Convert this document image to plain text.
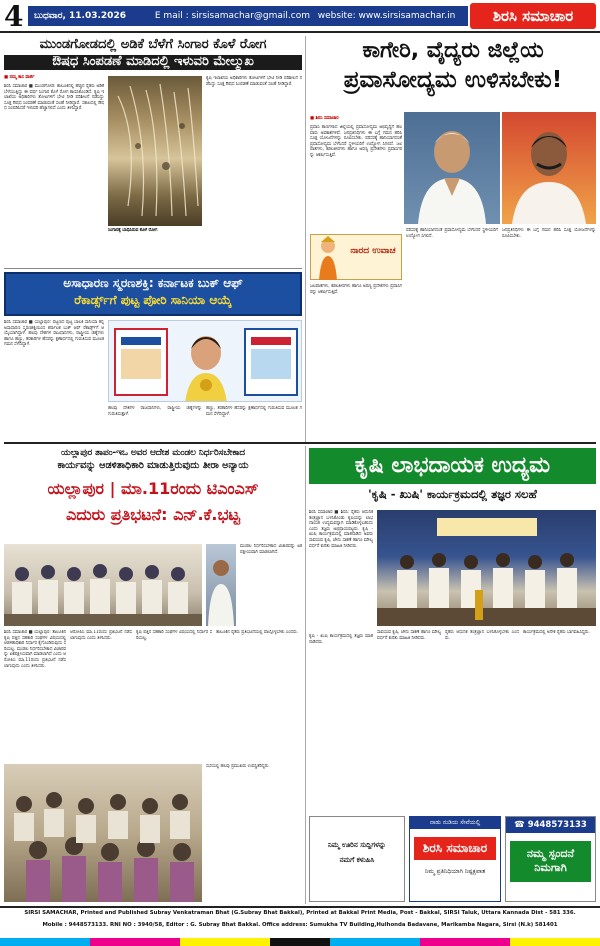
4	ಬುಧವಾರ, 11.03.2026	E mail : sirsisamachar@gmail.com website: www.sirsisamachar.in	ಶಿರಸಿ ಸಮಾಚಾರ
ಮುಂಡಗೋಡದಲ್ಲಿ ಅಡಿಕೆ ಬೆಳೆಗೆ ಸಿಂಗಾರ ಕೊಳೆ ರೋಗ
ಔಷಧ ಸಿಂಪಡಣೆ ಮಾಡಿದಲ್ಲಿ ಇಳುವರಿ ಮೇಲ್ಮುಖ
■ ನಮ್ಮ ಕಾಸ ವಾರ್ತೆ

ಶಿರಸಿ ಸಮಾಚಾರ ■ ಮುಂಡಗೋಡ: ತಾಲೂಕಿನಲ್ಲಿ ಹೆಚ್ಚಿನ ರೈತರು ಅಡಿಕೆ ಬೆಳೆಯುತ್ತಿದ್ದು ಈ ವರ್ಷ ಸಿಂಗಾರ ಕೊಳೆ ರೋಗ ಕಾಣಿಸಿಕೊಂಡಿದೆ. ಕೃಷಿ ಇಲಾಖೆಯ ಅಧಿಕಾರಿಗಳು ತೋಟಗಳಿಗೆ ಭೇಟಿ ನೀಡಿ ಪರಿಶೀಲನೆ ನಡೆಸಿದ್ದು ಸೂಕ್ತ ಔಷಧ ಸಿಂಪಡಣೆ ಮಾಡುವಂತೆ ಸಲಹೆ ನೀಡಿದ್ದಾರೆ. ಸಕಾಲದಲ್ಲಿ ಔಷಧ ಸಿಂಪಡಿಸಿದರೆ ಇಳುವರಿ ಹೆಚ್ಚಾಗಲಿದೆ ಎಂದು ತಿಳಿಸಿದ್ದಾರೆ.

ಸಿಂಗಾರಕ್ಕೆ ಬಾಧಿಸಿರುವ ಕೊಳೆ ರೋಗ

ಕೃಷಿ ಇಲಾಖೆಯ ಅಧಿಕಾರಿಗಳು ತೋಟಗಳಿಗೆ ಭೇಟಿ ನೀಡಿ ಪರಿಶೀಲನೆ ನಡೆಸಿದ್ದು ಸೂಕ್ತ ಔಷಧ ಸಿಂಪಡಣೆ ಮಾಡುವಂತೆ ಸಲಹೆ ನೀಡಿದ್ದಾರೆ.

ಕಾಗೇರಿ, ವೈದ್ಯರು ಜಿಲ್ಲೆಯ
ಪ್ರವಾಸೋದ್ಯಮ ಉಳಿಸಬೇಕು!
■ ಶಿರಸಿ ಸಮಾಚಾರ

ಪ್ರವಾಸಿ ತಾಣಗಳಾದ ಜಿಲ್ಲೆಯಲ್ಲಿ ಪ್ರವಾಸೋದ್ಯಮ ಅಭಿವೃದ್ಧಿಗೆ ಹಲವಾರು ಅವಕಾಶಗಳಿವೆ. ಜನಪ್ರತಿನಿಧಿಗಳು ಈ ಬಗ್ಗೆ ಗಮನ ಹರಿಸಿ ಸೂಕ್ತ ಯೋಜನೆಗಳನ್ನು ರೂಪಿಸಬೇಕು. ಪರಿಸರಕ್ಕೆ ಹಾನಿಯಾಗದಂತೆ ಪ್ರವಾಸೋದ್ಯಮ ಬೆಳೆಸಿದರೆ ಸ್ಥಳೀಯರಿಗೆ ಉದ್ಯೋಗ ಸಿಗಲಿದೆ. ಜಲಪಾತಗಳು, ಕಡಲತೀರಗಳು ಹಾಗೂ ಅರಣ್ಯ ಪ್ರದೇಶಗಳು ಪ್ರವಾಸಿಗರನ್ನು ಆಕರ್ಷಿಸುತ್ತಿವೆ.

ನಾರದ ಉವಾಚ

ಜಲಪಾತಗಳು, ಕಡಲತೀರಗಳು ಹಾಗೂ ಅರಣ್ಯ ಪ್ರದೇಶಗಳು ಪ್ರವಾಸಿಗರನ್ನು ಆಕರ್ಷಿಸುತ್ತಿವೆ.

ಪರಿಸರಕ್ಕೆ ಹಾನಿಯಾಗದಂತೆ ಪ್ರವಾಸೋದ್ಯಮ ಬೆಳೆಸಿದರೆ ಸ್ಥಳೀಯರಿಗೆ ಉದ್ಯೋಗ ಸಿಗಲಿದೆ.

ಜನಪ್ರತಿನಿಧಿಗಳು ಈ ಬಗ್ಗೆ ಗಮನ ಹರಿಸಿ ಸೂಕ್ತ ಯೋಜನೆಗಳನ್ನು ರೂಪಿಸಬೇಕು.

ಅಸಾಧಾರಣ ಸ್ಮರಣಶಕ್ತಿ: ಕರ್ನಾಟಕ ಬುಕ್ ಆಫ್
ರೆಕಾರ್ಡ್ಸ್‌ಗೆ ಪುಟ್ಟ ಪೋರಿ ಸಾನಿಯಾ ಆಯ್ಕೆ

ಶಿರಸಿ ಸಮಾಚಾರ ■ ಯಲ್ಲಾಪುರ: ಪಟ್ಟಣದ ಪುಟ್ಟ ಬಾಲಕಿ ಸಾನಿಯಾ ತನ್ನ ಅಸಾಧಾರಣ ಸ್ಮರಣಶಕ್ತಿಯಿಂದ ಕರ್ನಾಟಕ ಬುಕ್ ಆಫ್ ರೆಕಾರ್ಡ್ಸ್‌ಗೆ ಆಯ್ಕೆಯಾಗಿದ್ದಾಳೆ. ಹಲವು ದೇಶಗಳ ರಾಜಧಾನಿಗಳು, ರಾಷ್ಟ್ರೀಯ ಚಿಹ್ನೆಗಳು ಹಾಗೂ ಹಣ್ಣು, ತರಕಾರಿಗಳ ಹೆಸರನ್ನು ಕ್ಷಣಾರ್ಧದಲ್ಲಿ ಗುರುತಿಸುವ ಮೂಲಕ ಗಮನ ಸೆಳೆದಿದ್ದಾಳೆ.

ಹಲವು ದೇಶಗಳ ರಾಜಧಾನಿಗಳು, ರಾಷ್ಟ್ರೀಯ ಚಿಹ್ನೆಗಳನ್ನು ಗುರುತಿಸುತ್ತಾಳೆ.

ಹಣ್ಣು, ತರಕಾರಿಗಳ ಹೆಸರನ್ನು ಕ್ಷಣಾರ್ಧದಲ್ಲಿ ಗುರುತಿಸುವ ಮೂಲಕ ಗಮನ ಸೆಳೆದಿದ್ದಾಳೆ.

ಯಲ್ಲಾಪುರ ತಾಪಂ-ಇಒ ಅವರ ಆದೇಶ ಮಂಡಲ ನಿರ್ಧರಿಸಬೇಕಾದ
ಕಾರ್ಯವನ್ನು ಆಡಳಿತಾಧಿಕಾರಿ ಮಾಡುತ್ತಿರುವುದು ತೀರಾ ಅನ್ಯಾಯ
ಯಲ್ಲಾಪುರ | ಮಾ.11ರಂದು ಟಿಎಂಎಸ್
ಎದುರು ಪ್ರತಿಭಟನೆ: ಎನ್.ಕೆ.ಭಟ್ಟ

ಮಂಡಲ ನಿರ್ಧರಿಸಬೇಕಾದ ವಿಚಾರವನ್ನು ಏಕಪಕ್ಷೀಯವಾಗಿ ಮಾಡಲಾಗಿದೆ.

ಶಿರಸಿ ಸಮಾಚಾರ ■ ಯಲ್ಲಾಪುರ: ತಾಲೂಕಿನ ಕೃಷಿ ಪತ್ತಿನ ಸಹಕಾರಿ ಸಂಘಗಳ ವಿಷಯದಲ್ಲಿ ಆಡಳಿತಾಧಿಕಾರಿ ನಿರ್ಧಾರ ಕೈಗೊಂಡಿರುವುದು ಸರಿಯಲ್ಲ. ಮಂಡಲ ನಿರ್ಧರಿಸಬೇಕಾದ ವಿಚಾರವನ್ನು ಏಕಪಕ್ಷೀಯವಾಗಿ ಮಾಡಲಾಗಿದೆ ಎಂದು ಆರೋಪಿಸಿ ಮಾ.11ರಂದು ಪ್ರತಿಭಟನೆ ನಡೆಸಲಾಗುವುದು ಎಂದು ತಿಳಿಸಿದರು.

ಆರೋಪಿಸಿ ಮಾ.11ರಂದು ಪ್ರತಿಭಟನೆ ನಡೆಸಲಾಗುವುದು ಎಂದು ತಿಳಿಸಿದರು.

ಕೃಷಿ ಪತ್ತಿನ ಸಹಕಾರಿ ಸಂಘಗಳ ವಿಷಯದಲ್ಲಿ ನಿರ್ಧಾರ ಸರಿಯಲ್ಲ.

ತಾಲೂಕಿನ ರೈತರು ಪ್ರತಿಭಟನೆಯಲ್ಲಿ ಪಾಲ್ಗೊಳ್ಳಬೇಕು ಎಂದರು.

ಸಭೆಯಲ್ಲಿ ಹಲವು ಪ್ರಮುಖರು ಉಪಸ್ಥಿತರಿದ್ದರು.

ಕೃಷಿ ಲಾಭದಾಯಕ ಉದ್ಯಮ
'ಕೃಷಿ - ಖುಷಿ' ಕಾರ್ಯಕ್ರಮದಲ್ಲಿ ತಜ್ಞರ ಸಲಹೆ

ಶಿರಸಿ ಸಮಾಚಾರ ■ ಶಿರಸಿ: ರೈತರು ಆಧುನಿಕ ತಂತ್ರಜ್ಞಾನ ಬಳಸಿಕೊಂಡು ಕೃಷಿಯನ್ನು ಲಾಭದಾಯಕ ಉದ್ಯಮವನ್ನಾಗಿ ಮಾಡಿಕೊಳ್ಳಬಹುದು ಎಂದು ತಜ್ಞರು ಅಭಿಪ್ರಾಯಪಟ್ಟರು. ಕೃಷಿ - ಖುಷಿ ಕಾರ್ಯಕ್ರಮದಲ್ಲಿ ಮಾತನಾಡಿದ ಅವರು ಸಾವಯವ ಕೃಷಿ, ಜೇನು ಸಾಕಣೆ ಹಾಗೂ ಮೌಲ್ಯವರ್ಧನೆ ಕುರಿತು ಮಾಹಿತಿ ನೀಡಿದರು.

ಸಾವಯವ ಕೃಷಿ, ಜೇನು ಸಾಕಣೆ ಹಾಗೂ ಮೌಲ್ಯವರ್ಧನೆ ಕುರಿತು ಮಾಹಿತಿ ನೀಡಿದರು.

ರೈತರು ಆಧುನಿಕ ತಂತ್ರಜ್ಞಾನ ಬಳಸಿಕೊಳ್ಳಬೇಕು ಎಂದರು.

ಕಾರ್ಯಕ್ರಮದಲ್ಲಿ ಅನೇಕ ರೈತರು ಭಾಗವಹಿಸಿದ್ದರು.

ಕೃಷಿ - ಖುಷಿ ಕಾರ್ಯಕ್ರಮದಲ್ಲಿ ತಜ್ಞರು ಮಾತನಾಡಿದರು.

ನಿಮ್ಮ ಊರಿನ ಸುದ್ದಿಗಳನ್ನು
ನಮಗೆ ಕಳುಹಿಸಿ
ನಾಡು ನುಡಿಯ ಸೇವೆಯಲ್ಲಿ
ಶಿರಸಿ ಸಮಾಚಾರ
ನಿಮ್ಮ ಪ್ರತಿನಿಧಿಯಾಗಿ ನಿಷ್ಪಕ್ಷಪಾತ
☎ 9448573133
ನಮ್ಮ ಸ್ಪಂದನೆ ನಿಮಗಾಗಿ
SIRSI SAMACHAR, Printed and Published Subray Venkatraman Bhat (G.Subray Bhat Bakkal), Printed at Bakkal Print Media, Post - Bakkal, SIRSI Taluk, Uttara Kannada Dist - 581 336.
Mobile : 9448573133. RNI NO : 3940/58, Editor : G. Subray Bhat Bakkal. Office address: Sumukha TV Building,Hulhonda Badavane, Marikamba Nagara, Sirsi (N.k) 581401
